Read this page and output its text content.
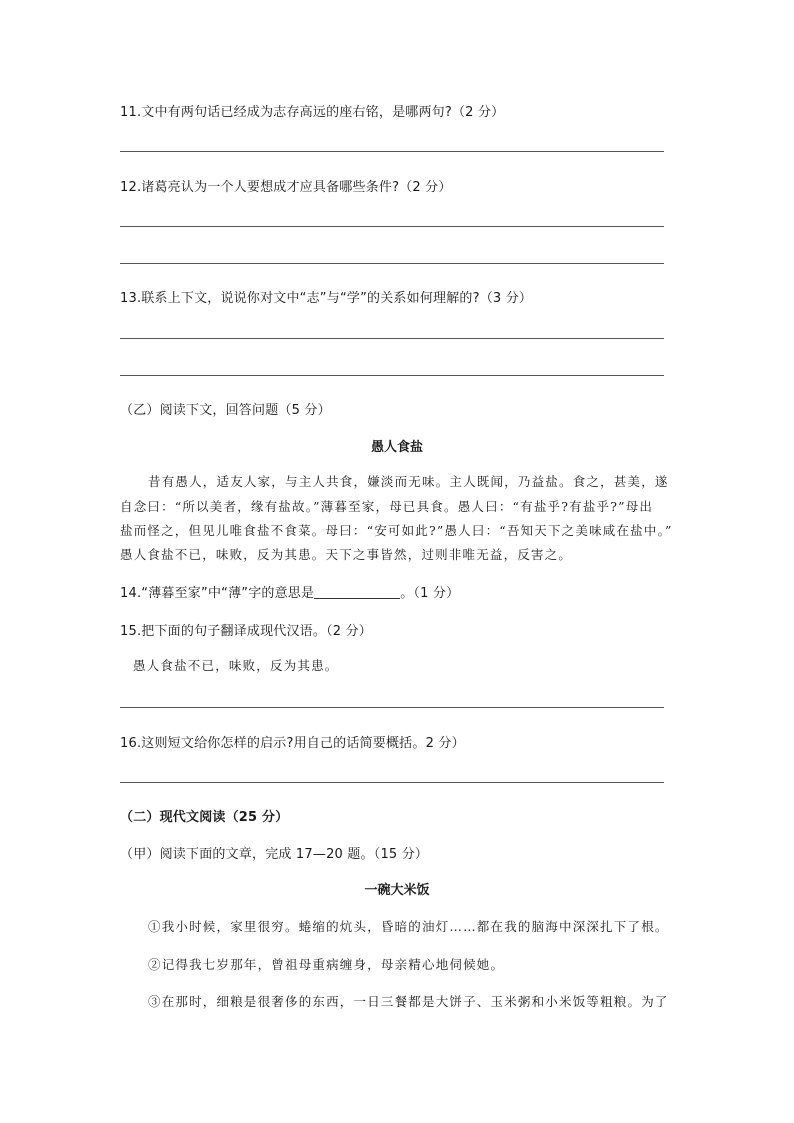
11.文中有两句话已经成为志存高远的座右铭，是哪两句?（2 分）
12.诸葛亮认为一个人要想成才应具备哪些条件?（2 分）
13.联系上下文，说说你对文中“志”与“学”的关系如何理解的?（3 分）
（乙）阅读下文，回答问题（5 分）
愚人食盐
昔有愚人，适友人家，与主人共食，嫌淡而无味。主人既闻，乃益盐。食之，甚美，遂
自念曰：“所以美者，缘有盐故。”薄暮至家，母已具食。愚人曰：“有盐乎?有盐乎?”母出
盐而怪之，但见儿唯食盐不食菜。母曰：“安可如此?”愚人曰：“吾知天下之美味咸在盐中。”
愚人食盐不已，味败，反为其患。天下之事皆然，过则非唯无益，反害之。
14.“薄暮至家”中“薄”字的意思是	。（1 分）
15.把下面的句子翻译成现代汉语。（2 分）
愚人食盐不已，味败，反为其患。
16.这则短文给你怎样的启示?用自己的话简要概括。2 分）
（二）现代文阅读（25 分）
（甲）阅读下面的文章，完成 17—20 题。（15 分）
一碗大米饭
①我小时候，家里很穷。蜷缩的炕头，昏暗的油灯……都在我的脑海中深深扎下了根。
②记得我七岁那年，曾祖母重病缠身，母亲精心地伺候她。
③在那时，细粮是很奢侈的东西，一日三餐都是大饼子、玉米粥和小米饭等粗粮。为了
